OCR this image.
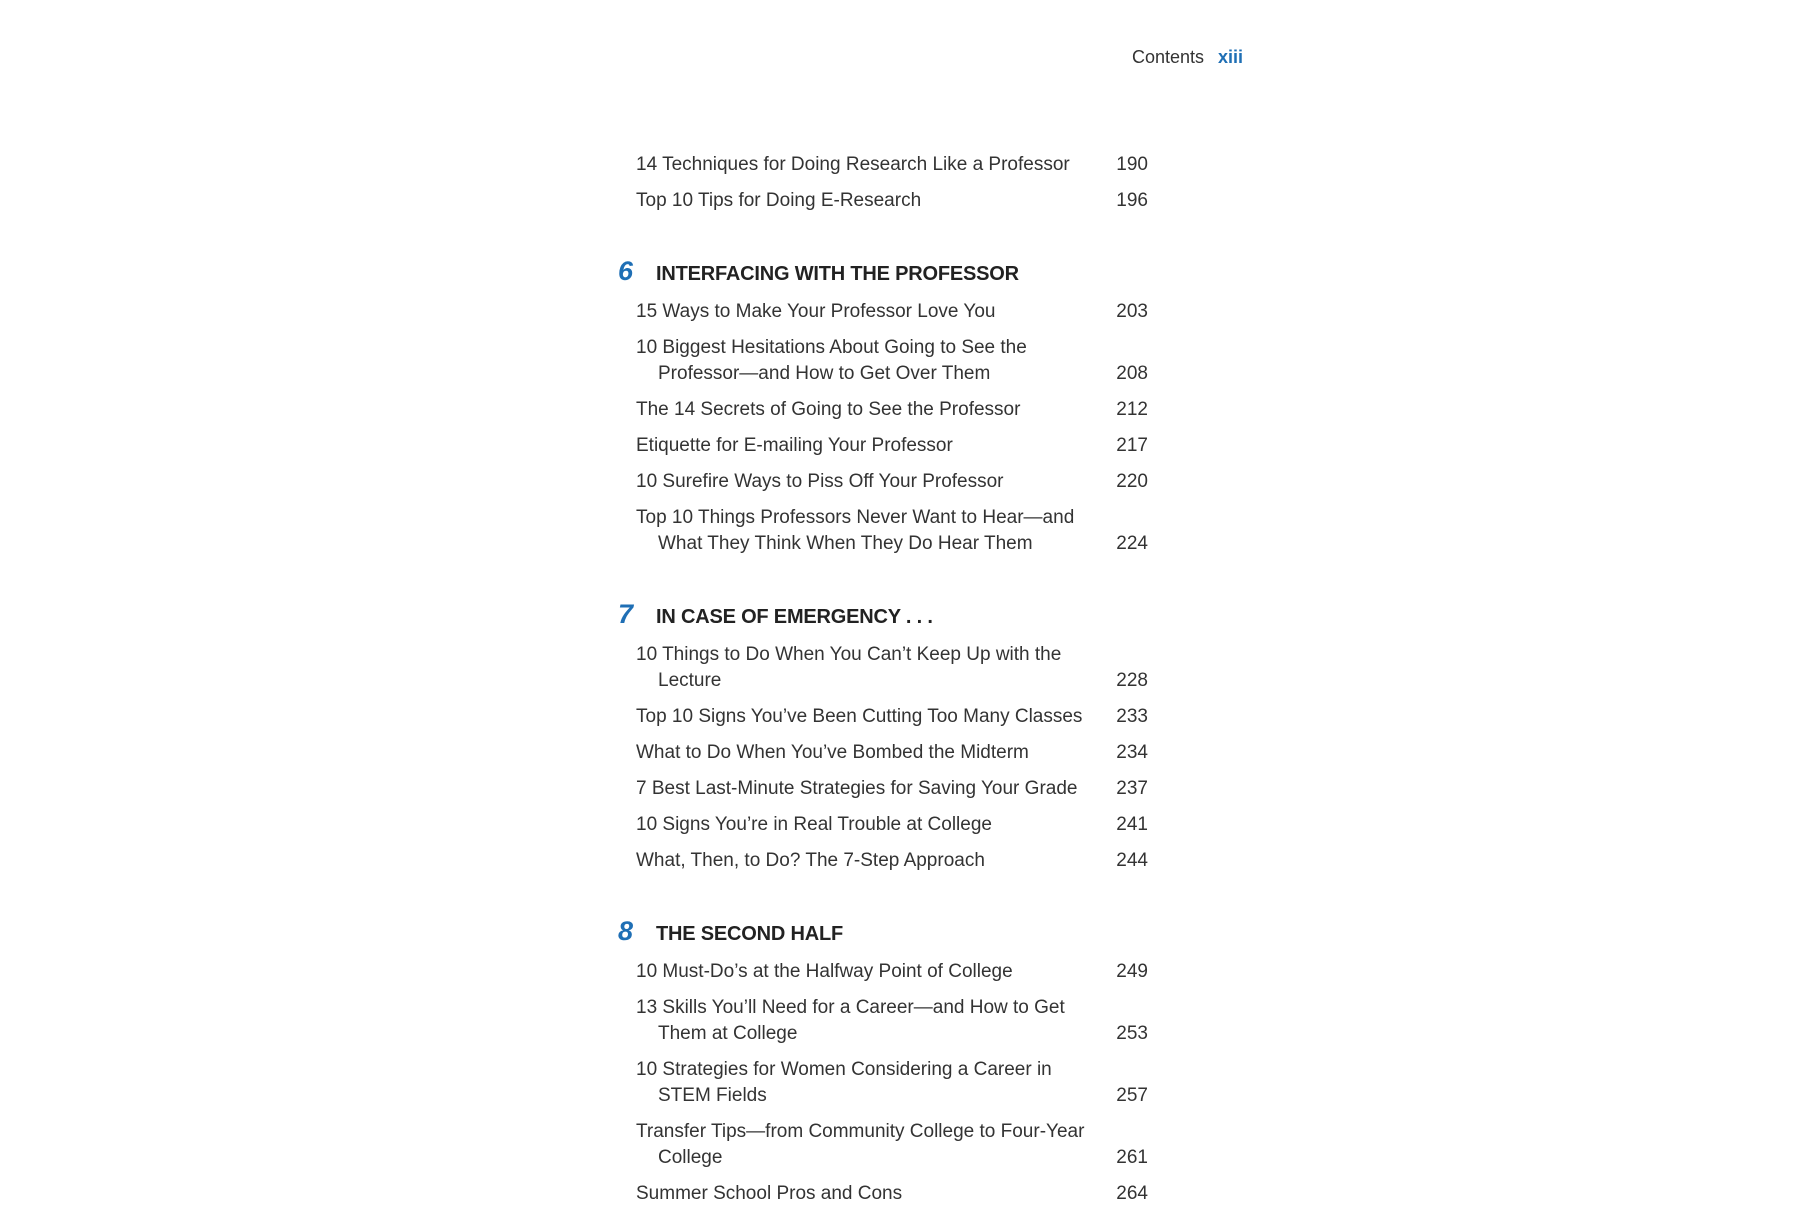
Contents xiii
14 Techniques for Doing Research Like a Professor	190
Top 10 Tips for Doing E-Research	196
6	INTERFACING WITH THE PROFESSOR
15 Ways to Make Your Professor Love You	203
10 Biggest Hesitations About Going to See the Professor—and How to Get Over Them	208
The 14 Secrets of Going to See the Professor	212
Etiquette for E-mailing Your Professor	217
10 Surefire Ways to Piss Off Your Professor	220
Top 10 Things Professors Never Want to Hear—and What They Think When They Do Hear Them	224
7	IN CASE OF EMERGENCY . . .
10 Things to Do When You Can’t Keep Up with the Lecture	228
Top 10 Signs You’ve Been Cutting Too Many Classes	233
What to Do When You’ve Bombed the Midterm	234
7 Best Last-Minute Strategies for Saving Your Grade	237
10 Signs You’re in Real Trouble at College	241
What, Then, to Do? The 7-Step Approach	244
8	THE SECOND HALF
10 Must-Do’s at the Halfway Point of College	249
13 Skills You’ll Need for a Career—and How to Get Them at College	253
10 Strategies for Women Considering a Career in STEM Fields	257
Transfer Tips—from Community College to Four-Year College	261
Summer School Pros and Cons	264
